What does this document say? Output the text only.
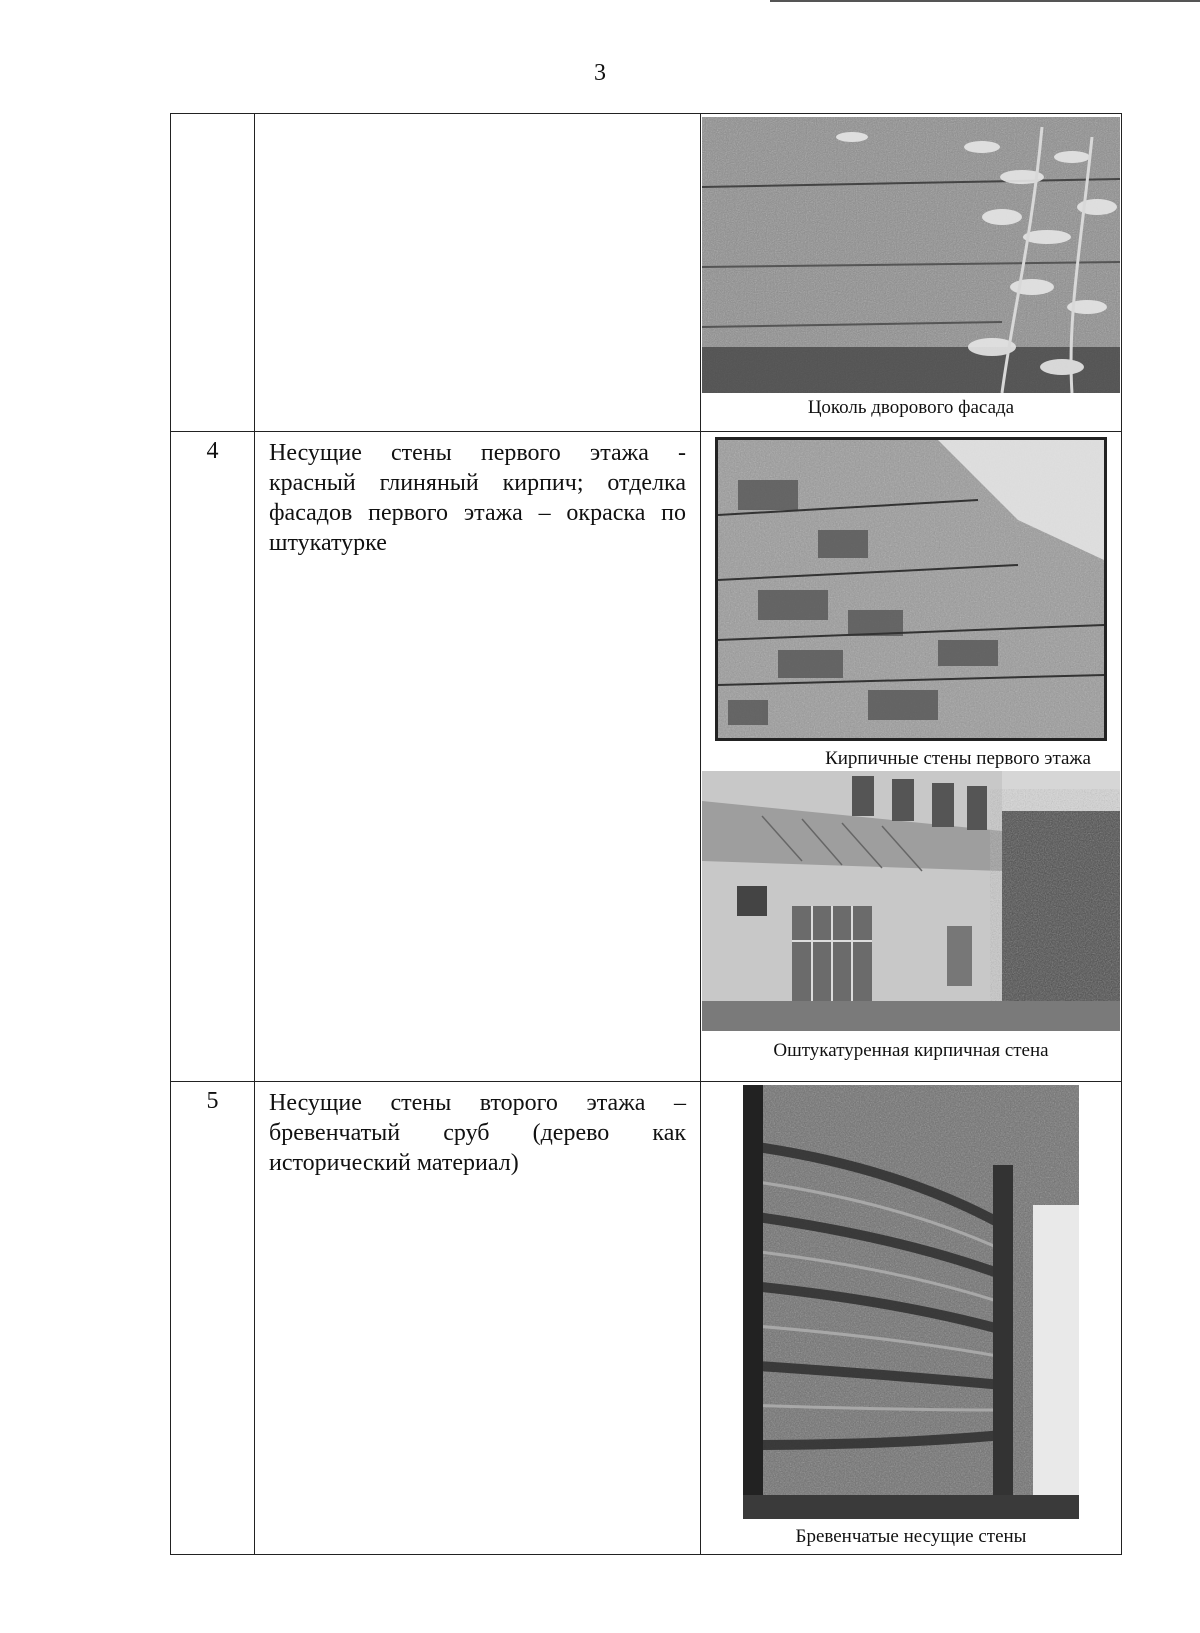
3

		Цоколь дворового фасада

4	Несущие стены первого этажа - красный глиняный кирпич; отделка фасадов первого этажа – окраска по штукатурке	Кирпичные стены первого этажа
Оштукатуренная кирпичная стена

5	Несущие стены второго этажа – бревенчатый сруб (дерево как исторический материал)	Бревенчатые несущие стены
